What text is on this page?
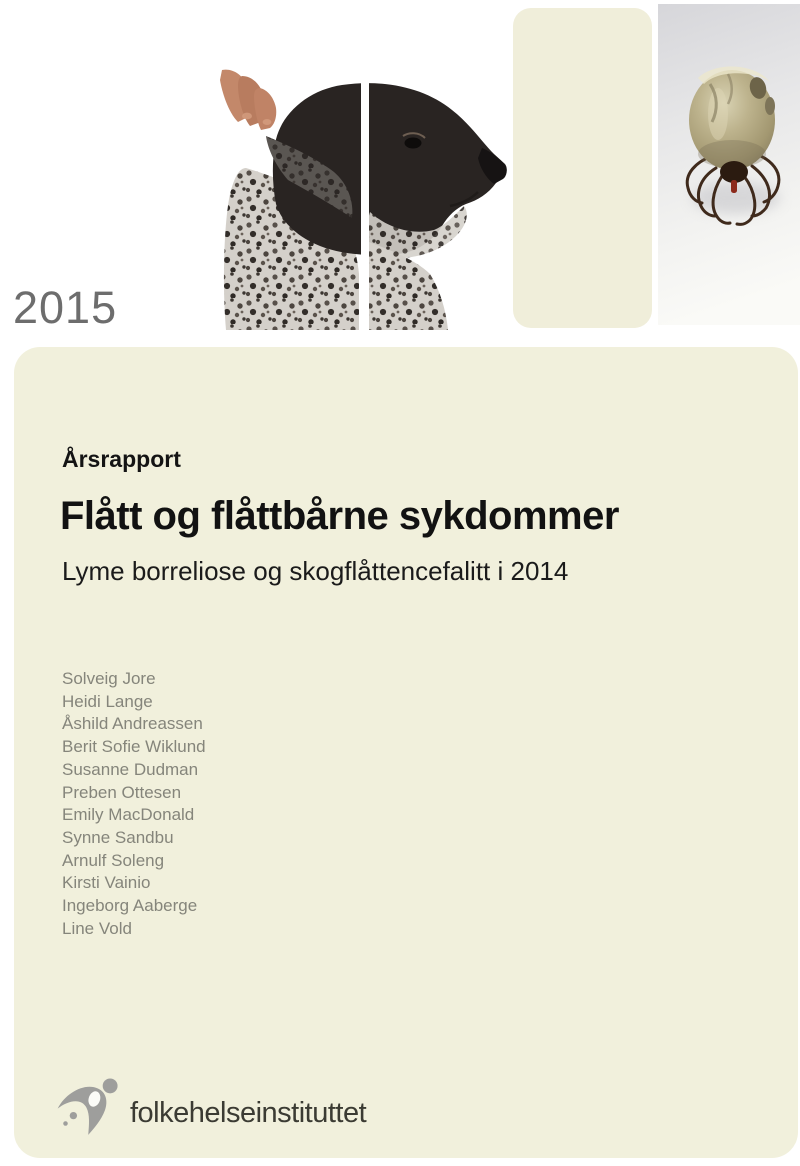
2015
Årsrapport
Flått og flåttbårne sykdommer
Lyme borreliose og skogflåttencefalitt i 2014
Solveig Jore
Heidi Lange
Åshild Andreassen
Berit Sofie Wiklund
Susanne Dudman
Preben Ottesen
Emily MacDonald
Synne Sandbu
Arnulf Soleng
Kirsti Vainio
Ingeborg Aaberge
Line Vold
folkehelseinstituttet
